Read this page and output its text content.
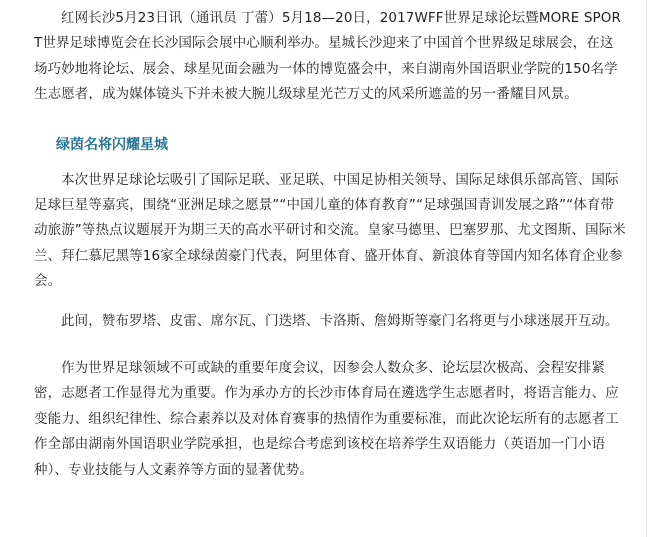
红网长沙5月23日讯（通讯员 丁蕾）5月18—20日，2017WFF世界足球论坛暨MORE SPORT世界足球博览会在长沙国际会展中心顺利举办。星城长沙迎来了中国首个世界级足球展会，在这场巧妙地将论坛、展会、球星见面会融为一体的博览盛会中，来自湖南外国语职业学院的150名学生志愿者，成为媒体镜头下并未被大腕儿级球星光芒万丈的风采所遮盖的另一番耀目风景。

绿茵名将闪耀星城

本次世界足球论坛吸引了国际足联、亚足联、中国足协相关领导、国际足球俱乐部高管、国际足球巨星等嘉宾，围绕“亚洲足球之愿景”“中国儿童的体育教育”“足球强国青训发展之路”“体育带动旅游”等热点议题展开为期三天的高水平研讨和交流。皇家马德里、巴塞罗那、尤文图斯、国际米兰、拜仁慕尼黑等16家全球绿茵豪门代表，阿里体育、盛开体育、新浪体育等国内知名体育企业参会。

此间，赞布罗塔、皮雷、席尔瓦、门迭塔、卡洛斯、詹姆斯等豪门名将更与小球迷展开互动。

作为世界足球领域不可或缺的重要年度会议，因参会人数众多、论坛层次极高、会程安排紧密，志愿者工作显得尤为重要。作为承办方的长沙市体育局在遴选学生志愿者时，将语言能力、应变能力、组织纪律性、综合素养以及对体育赛事的热情作为重要标准，而此次论坛所有的志愿者工作全部由湖南外国语职业学院承担，也是综合考虑到该校在培养学生双语能力（英语加一门小语种）、专业技能与人文素养等方面的显著优势。
